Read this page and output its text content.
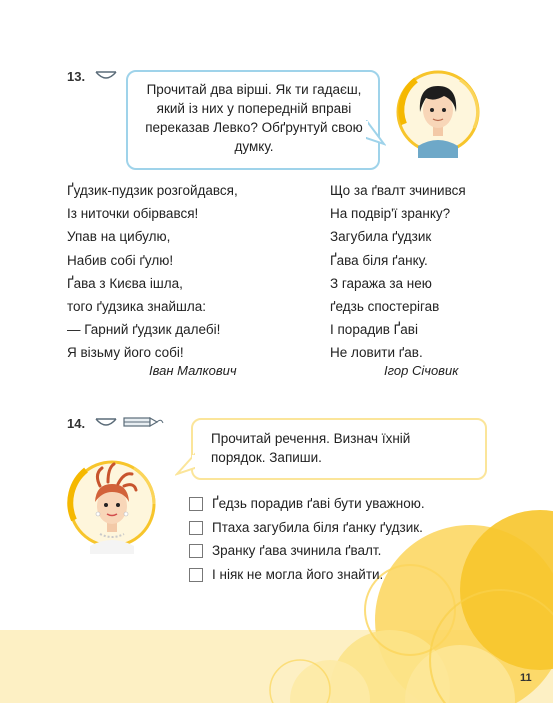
13.
Прочитай два вірші. Як ти гадаєш, який із них у попередній вправі переказав Левко? Обґрунтуй свою думку.
Ґудзик-пудзик розгойдався,
Із ниточки обірвався!
Упав на цибулю,
Набив собі ґулю!
Ґава з Києва ішла,
того ґудзика знайшла:
— Гарний ґудзик далебі!
Я візьму його собі!
Іван Малкович
Що за ґвалт зчинився
На подвір'ї зранку?
Загубила ґудзик
Ґава біля ґанку.
З гаража за нею
ґедзь спостерігав
І порадив Ґаві
Не ловити ґав.
Ігор Січовик
14.
Прочитай речення. Визнач їхній
порядок. Запиши.
Ґедзь порадив ґаві бути уважною.
Птаха загубила біля ґанку ґудзик.
Зранку ґава зчинила ґвалт.
І ніяк не могла його знайти.
11
